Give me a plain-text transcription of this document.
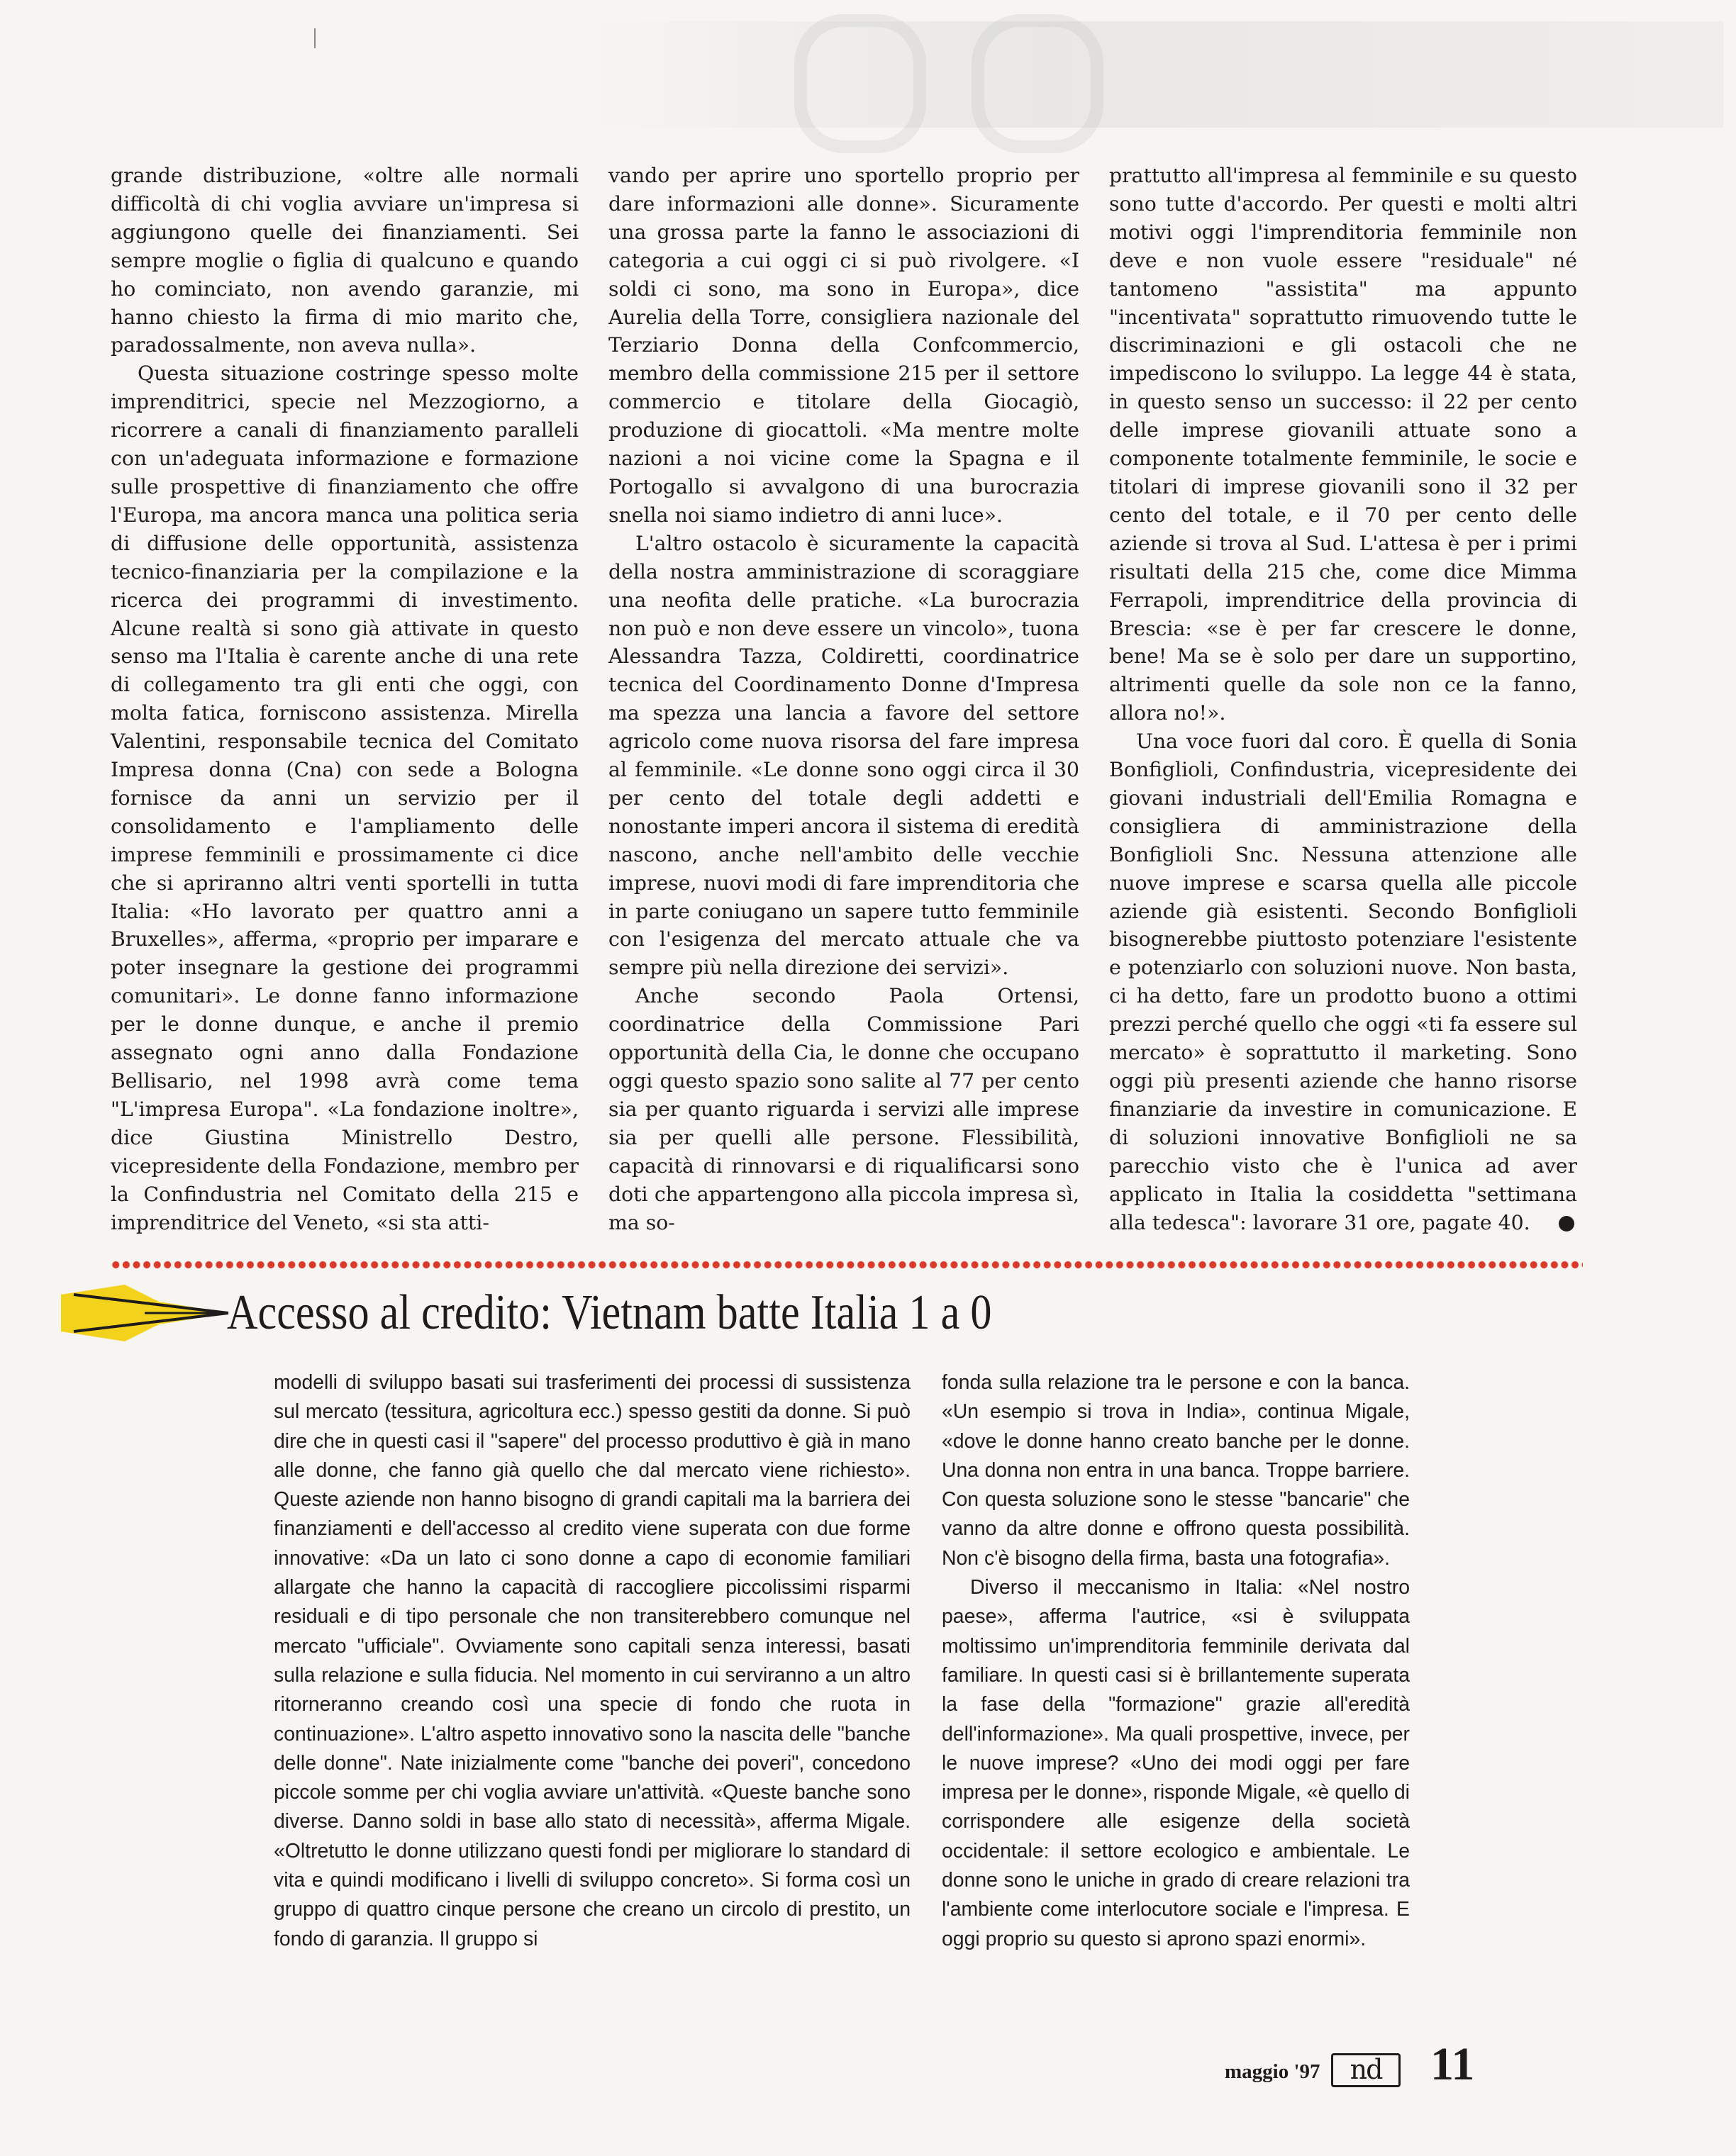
grande distribuzione, «oltre alle normali difficoltà di chi voglia avviare un'impresa si aggiungono quelle dei finanziamenti. Sei sempre moglie o figlia di qualcuno e quando ho cominciato, non avendo garanzie, mi hanno chiesto la firma di mio marito che, paradossalmente, non aveva nulla».

Questa situazione costringe spesso molte imprenditrici, specie nel Mezzogiorno, a ricorrere a canali di finanziamento paralleli con un'adeguata informazione e formazione sulle prospettive di finanziamento che offre l'Europa, ma ancora manca una politica seria di diffusione delle opportunità, assistenza tecnico-finanziaria per la compilazione e la ricerca dei programmi di investimento. Alcune realtà si sono già attivate in questo senso ma l'Italia è carente anche di una rete di collegamento tra gli enti che oggi, con molta fatica, forniscono assistenza. Mirella Valentini, responsabile tecnica del Comitato Impresa donna (Cna) con sede a Bologna fornisce da anni un servizio per il consolidamento e l'ampliamento delle imprese femminili e prossimamente ci dice che si apriranno altri venti sportelli in tutta Italia: «Ho lavorato per quattro anni a Bruxelles», afferma, «proprio per imparare e poter insegnare la gestione dei programmi comunitari». Le donne fanno informazione per le donne dunque, e anche il premio assegnato ogni anno dalla Fondazione Bellisario, nel 1998 avrà come tema "L'impresa Europa". «La fondazione inoltre», dice Giustina Ministrello Destro, vicepresidente della Fondazione, membro per la Confindustria nel Comitato della 215 e imprenditrice del Veneto, «si sta atti-

vando per aprire uno sportello proprio per dare informazioni alle donne». Sicuramente una grossa parte la fanno le associazioni di categoria a cui oggi ci si può rivolgere. «I soldi ci sono, ma sono in Europa», dice Aurelia della Torre, consigliera nazionale del Terziario Donna della Confcommercio, membro della commissione 215 per il settore commercio e titolare della Giocagiò, produzione di giocattoli. «Ma mentre molte nazioni a noi vicine come la Spagna e il Portogallo si avvalgono di una burocrazia snella noi siamo indietro di anni luce».

L'altro ostacolo è sicuramente la capacità della nostra amministrazione di scoraggiare una neofita delle pratiche. «La burocrazia non può e non deve essere un vincolo», tuona Alessandra Tazza, Coldiretti, coordinatrice tecnica del Coordinamento Donne d'Impresa ma spezza una lancia a favore del settore agricolo come nuova risorsa del fare impresa al femminile. «Le donne sono oggi circa il 30 per cento del totale degli addetti e nonostante imperi ancora il sistema di eredità nascono, anche nell'ambito delle vecchie imprese, nuovi modi di fare imprenditoria che in parte coniugano un sapere tutto femminile con l'esigenza del mercato attuale che va sempre più nella direzione dei servizi».

Anche secondo Paola Ortensi, coordinatrice della Commissione Pari opportunità della Cia, le donne che occupano oggi questo spazio sono salite al 77 per cento sia per quanto riguarda i servizi alle imprese sia per quelli alle persone. Flessibilità, capacità di rinnovarsi e di riqualificarsi sono doti che appartengono alla piccola impresa sì, ma so-

prattutto all'impresa al femminile e su questo sono tutte d'accordo. Per questi e molti altri motivi oggi l'imprenditoria femminile non deve e non vuole essere "residuale" né tantomeno "assistita" ma appunto "incentivata" soprattutto rimuovendo tutte le discriminazioni e gli ostacoli che ne impediscono lo sviluppo. La legge 44 è stata, in questo senso un successo: il 22 per cento delle imprese giovanili attuate sono a componente totalmente femminile, le socie e titolari di imprese giovanili sono il 32 per cento del totale, e il 70 per cento delle aziende si trova al Sud. L'attesa è per i primi risultati della 215 che, come dice Mimma Ferrapoli, imprenditrice della provincia di Brescia: «se è per far crescere le donne, bene! Ma se è solo per dare un supportino, altrimenti quelle da sole non ce la fanno, allora no!».

Una voce fuori dal coro. È quella di Sonia Bonfiglioli, Confindustria, vicepresidente dei giovani industriali dell'Emilia Romagna e consigliera di amministrazione della Bonfiglioli Snc. Nessuna attenzione alle nuove imprese e scarsa quella alle piccole aziende già esistenti. Secondo Bonfiglioli bisognerebbe piuttosto potenziare l'esistente e potenziarlo con soluzioni nuove. Non basta, ci ha detto, fare un prodotto buono a ottimi prezzi perché quello che oggi «ti fa essere sul mercato» è soprattutto il marketing. Sono oggi più presenti aziende che hanno risorse finanziarie da investire in comunicazione. E di soluzioni innovative Bonfiglioli ne sa parecchio visto che è l'unica ad aver applicato in Italia la cosiddetta "settimana alla tedesca": lavorare 31 ore, pagate 40.

Accesso al credito: Vietnam batte Italia 1 a 0

modelli di sviluppo basati sui trasferimenti dei processi di sussistenza sul mercato (tessitura, agricoltura ecc.) spesso gestiti da donne. Si può dire che in questi casi il "sapere" del processo produttivo è già in mano alle donne, che fanno già quello che dal mercato viene richiesto». Queste aziende non hanno bisogno di grandi capitali ma la barriera dei finanziamenti e dell'accesso al credito viene superata con due forme innovative: «Da un lato ci sono donne a capo di economie familiari allargate che hanno la capacità di raccogliere piccolissimi risparmi residuali e di tipo personale che non transiterebbero comunque nel mercato "ufficiale". Ovviamente sono capitali senza interessi, basati sulla relazione e sulla fiducia. Nel momento in cui serviranno a un altro ritorneranno creando così una specie di fondo che ruota in continuazione». L'altro aspetto innovativo sono la nascita delle "banche delle donne". Nate inizialmente come "banche dei poveri", concedono piccole somme per chi voglia avviare un'attività. «Queste banche sono diverse. Danno soldi in base allo stato di necessità», afferma Migale. «Oltretutto le donne utilizzano questi fondi per migliorare lo standard di vita e quindi modificano i livelli di sviluppo concreto». Si forma così un gruppo di quattro cinque persone che creano un circolo di prestito, un fondo di garanzia. Il gruppo si

fonda sulla relazione tra le persone e con la banca. «Un esempio si trova in India», continua Migale, «dove le donne hanno creato banche per le donne. Una donna non entra in una banca. Troppe barriere. Con questa soluzione sono le stesse "bancarie" che vanno da altre donne e offrono questa possibilità. Non c'è bisogno della firma, basta una fotografia».

Diverso il meccanismo in Italia: «Nel nostro paese», afferma l'autrice, «si è sviluppata moltissimo un'imprenditoria femminile derivata dal familiare. In questi casi si è brillantemente superata la fase della "formazione" grazie all'eredità dell'informazione». Ma quali prospettive, invece, per le nuove imprese? «Uno dei modi oggi per fare impresa per le donne», risponde Migale, «è quello di corrispondere alle esigenze della società occidentale: il settore ecologico e ambientale. Le donne sono le uniche in grado di creare relazioni tra l'ambiente come interlocutore sociale e l'impresa. E oggi proprio su questo si aprono spazi enormi».

maggio '97	nd	11
